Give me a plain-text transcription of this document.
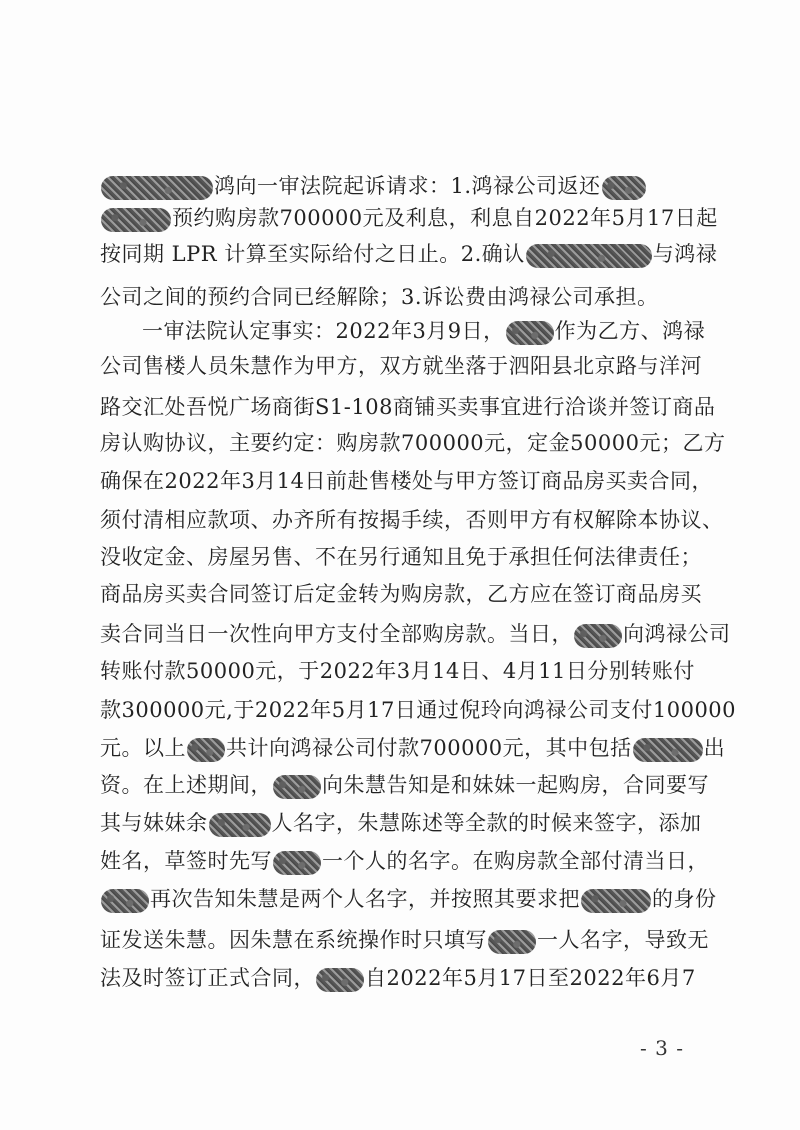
鸿向一审法院起诉请求：1.鸿禄公司返还
预约购房款700000元及利息，利息自2022年5月17日起
按同期 LPR 计算至实际给付之日止。2.确认	与鸿禄
公司之间的预约合同已经解除；3.诉讼费由鸿禄公司承担。
一审法院认定事实：2022年3月9日， 作为乙方、鸿禄
公司售楼人员朱慧作为甲方，双方就坐落于泗阳县北京路与洋河
路交汇处吾悦广场商街S1-108商铺买卖事宜进行洽谈并签订商品
房认购协议，主要约定：购房款700000元，定金50000元；乙方
确保在2022年3月14日前赴售楼处与甲方签订商品房买卖合同，
须付清相应款项、办齐所有按揭手续，否则甲方有权解除本协议、
没收定金、房屋另售、不在另行通知且免于承担任何法律责任；
商品房买卖合同签订后定金转为购房款，乙方应在签订商品房买
卖合同当日一次性向甲方支付全部购房款。当日， 向鸿禄公司
转账付款50000元，于2022年3月14日、4月11日分别转账付
款300000元,于2022年5月17日通过倪玲向鸿禄公司支付100000
元。以上 共计向鸿禄公司付款700000元，其中包括	出
资。在上述期间， 向朱慧告知是和妹妹一起购房，合同要写
其与妹妹余	人名字，朱慧陈述等全款的时候来签字，添加
姓名，草签时先写 一个人的名字。在购房款全部付清当日，
再次告知朱慧是两个人名字，并按照其要求把	的身份
证发送朱慧。因朱慧在系统操作时只填写 一人名字，导致无
法及时签订正式合同， 自2022年5月17日至2022年6月7
- 3 -
